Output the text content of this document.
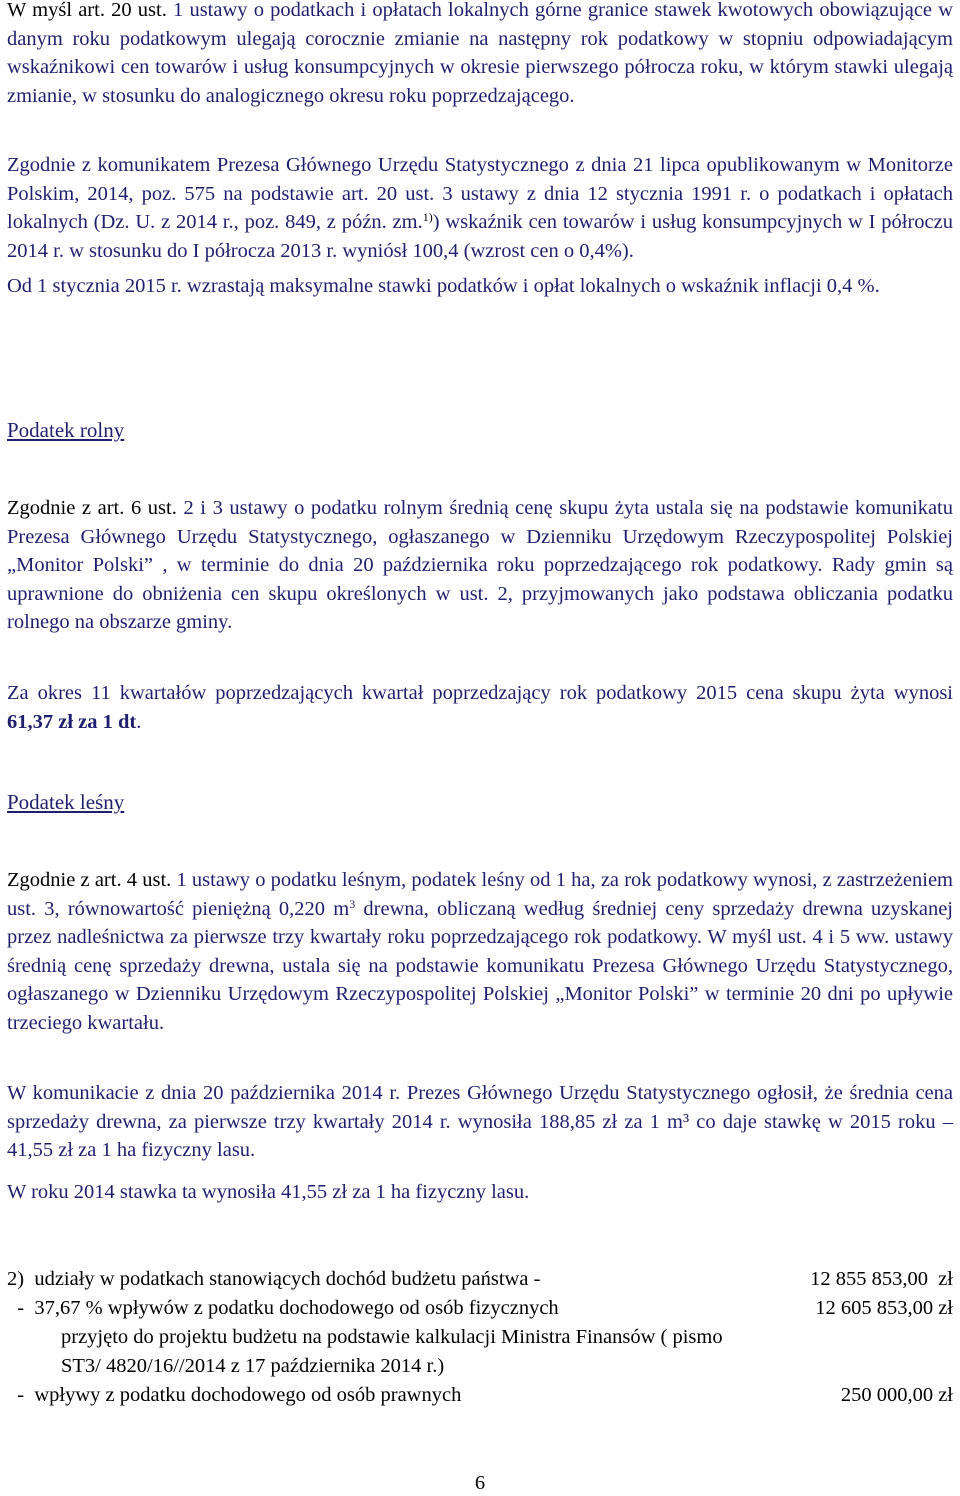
W myśl art. 20 ust. 1 ustawy o podatkach i opłatach lokalnych górne granice stawek kwotowych obowiązujące w danym roku podatkowym ulegają corocznie zmianie na następny rok podatkowy w stopniu odpowiadającym wskaźnikowi cen towarów i usług konsumpcyjnych w okresie pierwszego półrocza roku, w którym stawki ulegają zmianie, w stosunku do analogicznego okresu roku poprzedzającego.

Zgodnie z komunikatem Prezesa Głównego Urzędu Statystycznego z dnia 21 lipca opublikowanym w Monitorze Polskim, 2014, poz. 575 na podstawie art. 20 ust. 3 ustawy z dnia 12 stycznia 1991 r. o podatkach i opłatach lokalnych (Dz. U. z 2014 r., poz. 849, z późn. zm.$^{1)}$) wskaźnik cen towarów i usług konsumpcyjnych w I półroczu 2014 r. w stosunku do I półrocza 2013 r. wyniósł 100,4 (wzrost cen o 0,4%).

Od 1 stycznia 2015 r. wzrastają maksymalne stawki podatków i opłat lokalnych o wskaźnik inflacji 0,4 %.

Podatek rolny

Zgodnie z art. 6 ust. 2 i 3 ustawy o podatku rolnym średnią cenę skupu żyta ustala się na podstawie komunikatu Prezesa Głównego Urzędu Statystycznego, ogłaszanego w Dzienniku Urzędowym Rzeczypospolitej Polskiej „Monitor Polski” , w terminie do dnia 20 października roku poprzedzającego rok podatkowy. Rady gmin są uprawnione do obniżenia cen skupu określonych w ust. 2, przyjmowanych jako podstawa obliczania podatku rolnego na obszarze gminy.

Za okres 11 kwartałów poprzedzających kwartał poprzedzający rok podatkowy 2015 cena skupu żyta wynosi 61,37 zł za 1 dt.

Podatek leśny

Zgodnie z art. 4 ust. 1 ustawy o podatku leśnym, podatek leśny od 1 ha, za rok podatkowy wynosi, z zastrzeżeniem ust. 3, równowartość pieniężną 0,220 $m^3$ drewna, obliczaną według średniej ceny sprzedaży drewna uzyskanej przez nadleśnictwa za pierwsze trzy kwartały roku poprzedzającego rok podatkowy. W myśl ust. 4 i 5 ww. ustawy średnią cenę sprzedaży drewna, ustala się na podstawie komunikatu Prezesa Głównego Urzędu Statystycznego, ogłaszanego w Dzienniku Urzędowym Rzeczypospolitej Polskiej „Monitor Polski” w terminie 20 dni po upływie trzeciego kwartału.

W komunikacie z dnia 20 października 2014 r. Prezes Głównego Urzędu Statystycznego ogłosił, że średnia cena sprzedaży drewna, za pierwsze trzy kwartały 2014 r. wynosiła 188,85 zł za 1 m³ co daje stawkę w 2015 roku – 41,55 zł za 1 ha fizyczny lasu.

W roku 2014 stawka ta wynosiła 41,55 zł za 1 ha fizyczny lasu.

2)  udziały w podatkach stanowiących dochód budżetu państwa -	12 855 853,00  zł
-  37,67 % wpływów z podatku dochodowego od osób fizycznych	12 605 853,00 zł
przyjęto do projektu budżetu na podstawie kalkulacji Ministra Finansów ( pismo
ST3/ 4820/16//2014 z 17 października 2014 r.)
-  wpływy z podatku dochodowego od osób prawnych	250 000,00 zł
6
